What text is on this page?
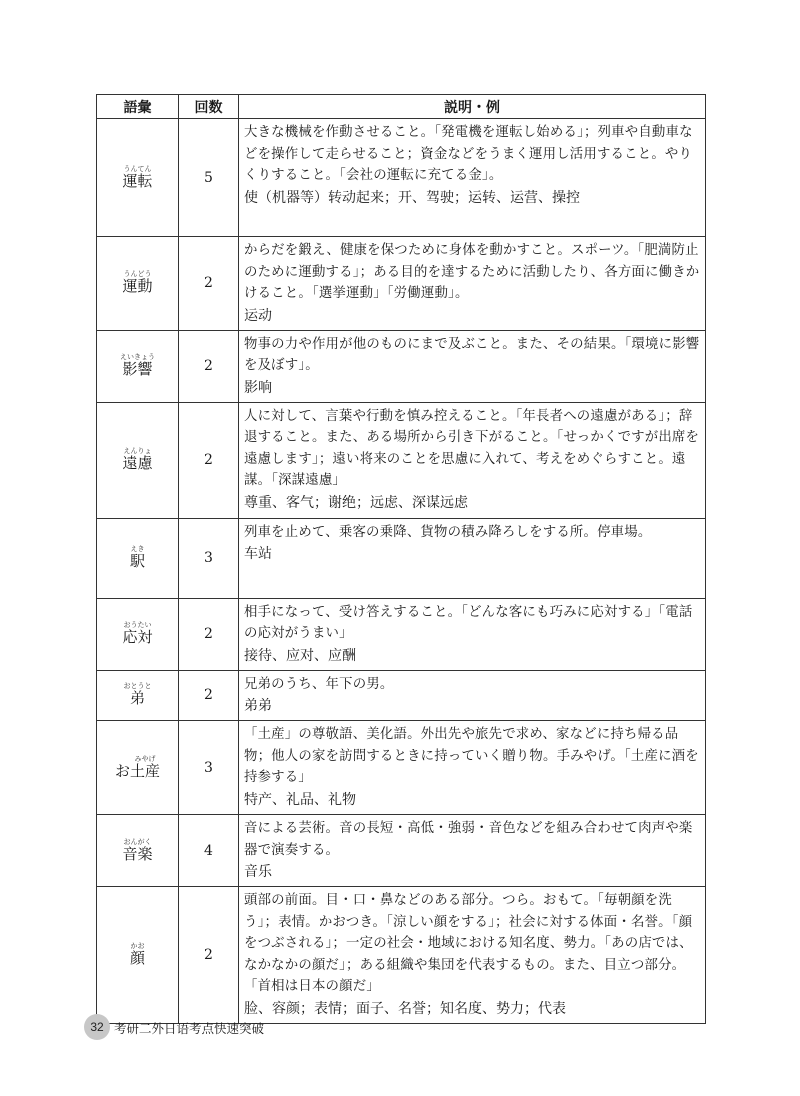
語彙	回数	説明・例
運転うんてん	5	大きな機械を作動させること。「発電機を運転し始める」；列車や自動車などを操作して走らせること；資金などをうまく運用し活用すること。やりくりすること。「会社の運転に充てる金」。
使（机器等）转动起来；开、驾驶；运转、运营、操控

運動うんどう	2	からだを鍛え、健康を保つために身体を動かすこと。スポーツ。「肥満防止のために運動する」；ある目的を達するために活動したり、各方面に働きかけること。「選挙運動」「労働運動」。
运动

影響えいきょう	2	物事の力や作用が他のものにまで及ぶこと。また、その結果。「環境に影響を及ぼす」。
影响

遠慮えんりょ	2	人に対して、言葉や行動を慎み控えること。「年長者への遠慮がある」；辞退すること。また、ある場所から引き下がること。「せっかくですが出席を遠慮します」；遠い将来のことを思慮に入れて、考えをめぐらすこと。遠謀。「深謀遠慮」
尊重、客气；谢绝；远虑、深谋远虑

駅えき	3	列車を止めて、乗客の乗降、貨物の積み降ろしをする所。停車場。
车站

応対おうたい	2	相手になって、受け答えすること。「どんな客にも巧みに応対する」「電話の応対がうまい」
接待、应对、应酬

弟おとうと	2	兄弟のうち、年下の男。
弟弟

お土産みやげ	3	「土産」の尊敬語、美化語。外出先や旅先で求め、家などに持ち帰る品物；他人の家を訪問するときに持っていく贈り物。手みやげ。「土産に酒を持参する」
特产、礼品、礼物

音楽おんがく	4	音による芸術。音の長短・高低・強弱・音色などを組み合わせて肉声や楽器で演奏する。
音乐

顔かお	2	頭部の前面。目・口・鼻などのある部分。つら。おもて。「毎朝顔を洗う」；表情。かおつき。「涼しい顔をする」；社会に対する体面・名誉。「顔をつぶされる」；一定の社会・地域における知名度、勢力。「あの店では、なかなかの顔だ」；ある組織や集団を代表するもの。また、目立つ部分。「首相は日本の顔だ」
脸、容颜；表情；面子、名誉；知名度、势力；代表
32 考研二外日语考点快速突破
